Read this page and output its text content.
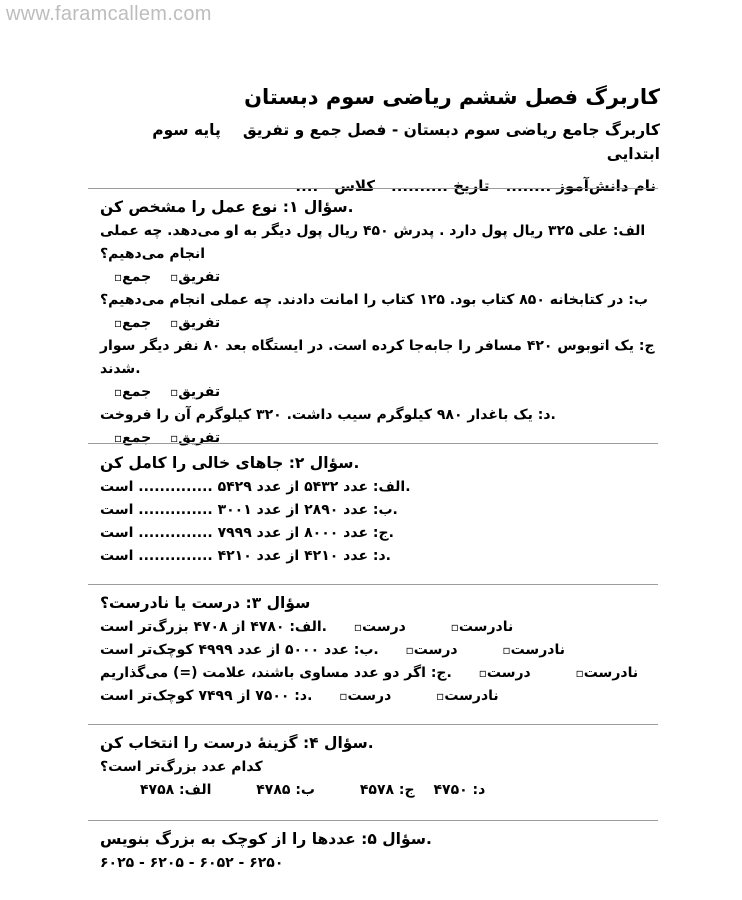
www.faramcallem.com
کاربرگ فصل ششم ریاضی سوم دبستان
کاربرگ جامع ریاضی سوم دبستان - فصل جمع و تفریقپایه سوم ابتدایی
نام دانش‌آموز ........تاریخ ..........کلاس....
سؤال ۱: نوع عمل را مشخص کن.
الف: علی ۳۲۵ ریال پول دارد . پدرش ۴۵۰ ریال پول دیگر به او می‌دهد. چه عملی انجام می‌دهیم؟
▫جمع ▫تفریق
ب: در کتابخانه ۸۵۰ کتاب بود. ۱۲۵ کتاب را امانت دادند. چه عملی انجام می‌دهیم؟
▫جمع ▫تفریق
ج: یک اتوبوس ۴۲۰ مسافر را جابه‌جا کرده است. در ایستگاه بعد ۸۰ نفر دیگر سوار شدند.
▫جمع ▫تفریق
د: یک باغدار ۹۸۰ کیلوگرم سیب داشت. ۳۲۰ کیلوگرم آن را فروخت.
▫جمع ▫تفریق
سؤال ۲: جاهای خالی را کامل کن.
الف: عدد ۵۴۳۲ از عدد ۵۴۲۹ .............. است.
ب: عدد ۲۸۹۰ از عدد ۳۰۰۱ .............. است.
ج: عدد ۸۰۰۰ از عدد ۷۹۹۹ .............. است.
د: عدد ۴۲۱۰ از عدد ۴۲۱۰ .............. است.
سؤال ۳: درست یا نادرست؟
الف: ۴۷۸۰ از ۴۷۰۸ بزرگ‌تر است. ▫درست	▫نادرست
ب: عدد ۵۰۰۰ از عدد ۴۹۹۹ کوچک‌تر است. ▫درست	▫نادرست
ج: اگر دو عدد مساوی باشند، علامت (=) می‌گذاریم. ▫درست	▫نادرست
د: ۷۵۰۰ از ۷۴۹۹ کوچک‌تر است. ▫درست	▫نادرست
سؤال ۴: گزینهٔ درست را انتخاب کن.
کدام عدد بزرگ‌تر است؟
الف: ۴۷۵۸	ب: ۴۷۸۵	ج: ۴۵۷۸ د: ۴۷۵۰
سؤال ۵: عددها را از کوچک به بزرگ بنویس.
۶۰۲۵ - ۶۲۰۵ - ۶۰۵۲ - ۶۲۵۰
